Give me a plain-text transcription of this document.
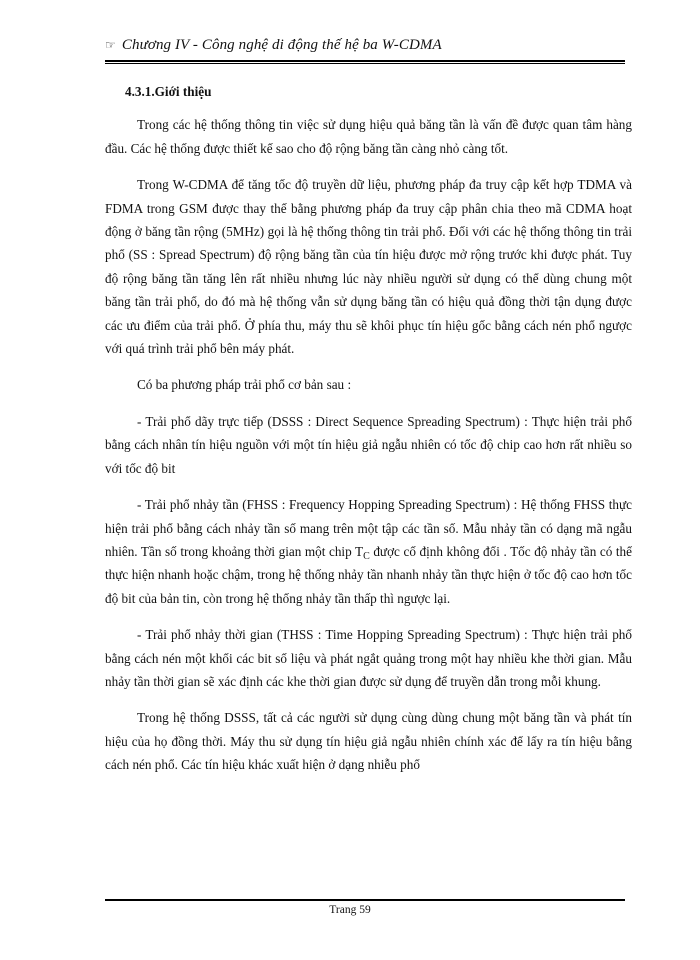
☞ Chương IV - Công nghệ di động thế hệ ba W-CDMA
4.3.1.Giới thiệu

Trong các hệ thống thông tin việc sử dụng hiệu quả băng tần là vấn đề được quan tâm hàng đầu. Các hệ thống được thiết kế sao cho độ rộng băng tần càng nhỏ càng tốt.

Trong W-CDMA để tăng tốc độ truyền dữ liệu, phương pháp đa truy cập kết hợp TDMA và FDMA trong GSM được thay thế bằng phương pháp đa truy cập phân chia theo mã CDMA hoạt động ở băng tần rộng (5MHz) gọi là hệ thống thông tin trải phổ. Đối với các hệ thống thông tin trải phổ (SS : Spread Spectrum) độ rộng băng tần của tín hiệu được mở rộng trước khi được phát. Tuy độ rộng băng tần tăng lên rất nhiều nhưng lúc này nhiều người sử dụng có thể dùng chung một băng tần trải phổ, do đó mà hệ thống vẫn sử dụng băng tần có hiệu quả đồng thời tận dụng được các ưu điểm của trải phổ. Ở phía thu, máy thu sẽ khôi phục tín hiệu gốc bằng cách nén phổ ngược với quá trình trải phổ bên máy phát.

Có ba phương pháp trải phổ cơ bản sau :

- Trải phổ dãy trực tiếp (DSSS : Direct Sequence Spreading Spectrum) : Thực hiện trải phổ bằng cách nhân tín hiệu nguồn với một tín hiệu giả ngẫu nhiên có tốc độ chip cao hơn rất nhiều so với tốc độ bit

- Trải phổ nhảy tần (FHSS : Frequency Hopping Spreading Spectrum) : Hệ thống FHSS thực hiện trải phổ bằng cách nhảy tần số mang trên một tập các tần số. Mẫu nhảy tần có dạng mã ngẫu nhiên. Tần số trong khoảng thời gian một chip $T_C$ được cố định không đổi . Tốc độ nhảy tần có thể thực hiện nhanh hoặc chậm, trong hệ thống nhảy tần nhanh nhảy tần thực hiện ở tốc độ cao hơn tốc độ bit của bản tin, còn trong hệ thống nhảy tần thấp thì ngược lại.

- Trải phổ nhảy thời gian (THSS : Time Hopping Spreading Spectrum) : Thực hiện trải phổ bằng cách nén một khối các bit số liệu và phát ngắt quảng trong một hay nhiều khe thời gian. Mẫu nhảy tần thời gian sẽ xác định các khe thời gian được sử dụng để truyền dẫn trong mỗi khung.

Trong hệ thống DSSS, tất cả các người sử dụng cùng dùng chung một băng tần và phát tín hiệu của họ đồng thời. Máy thu sử dụng tín hiệu giả ngẫu nhiên chính xác để lấy ra tín hiệu bằng cách nén phổ. Các tín hiệu khác xuất hiện ở dạng nhiễu phổ

Trang 59
